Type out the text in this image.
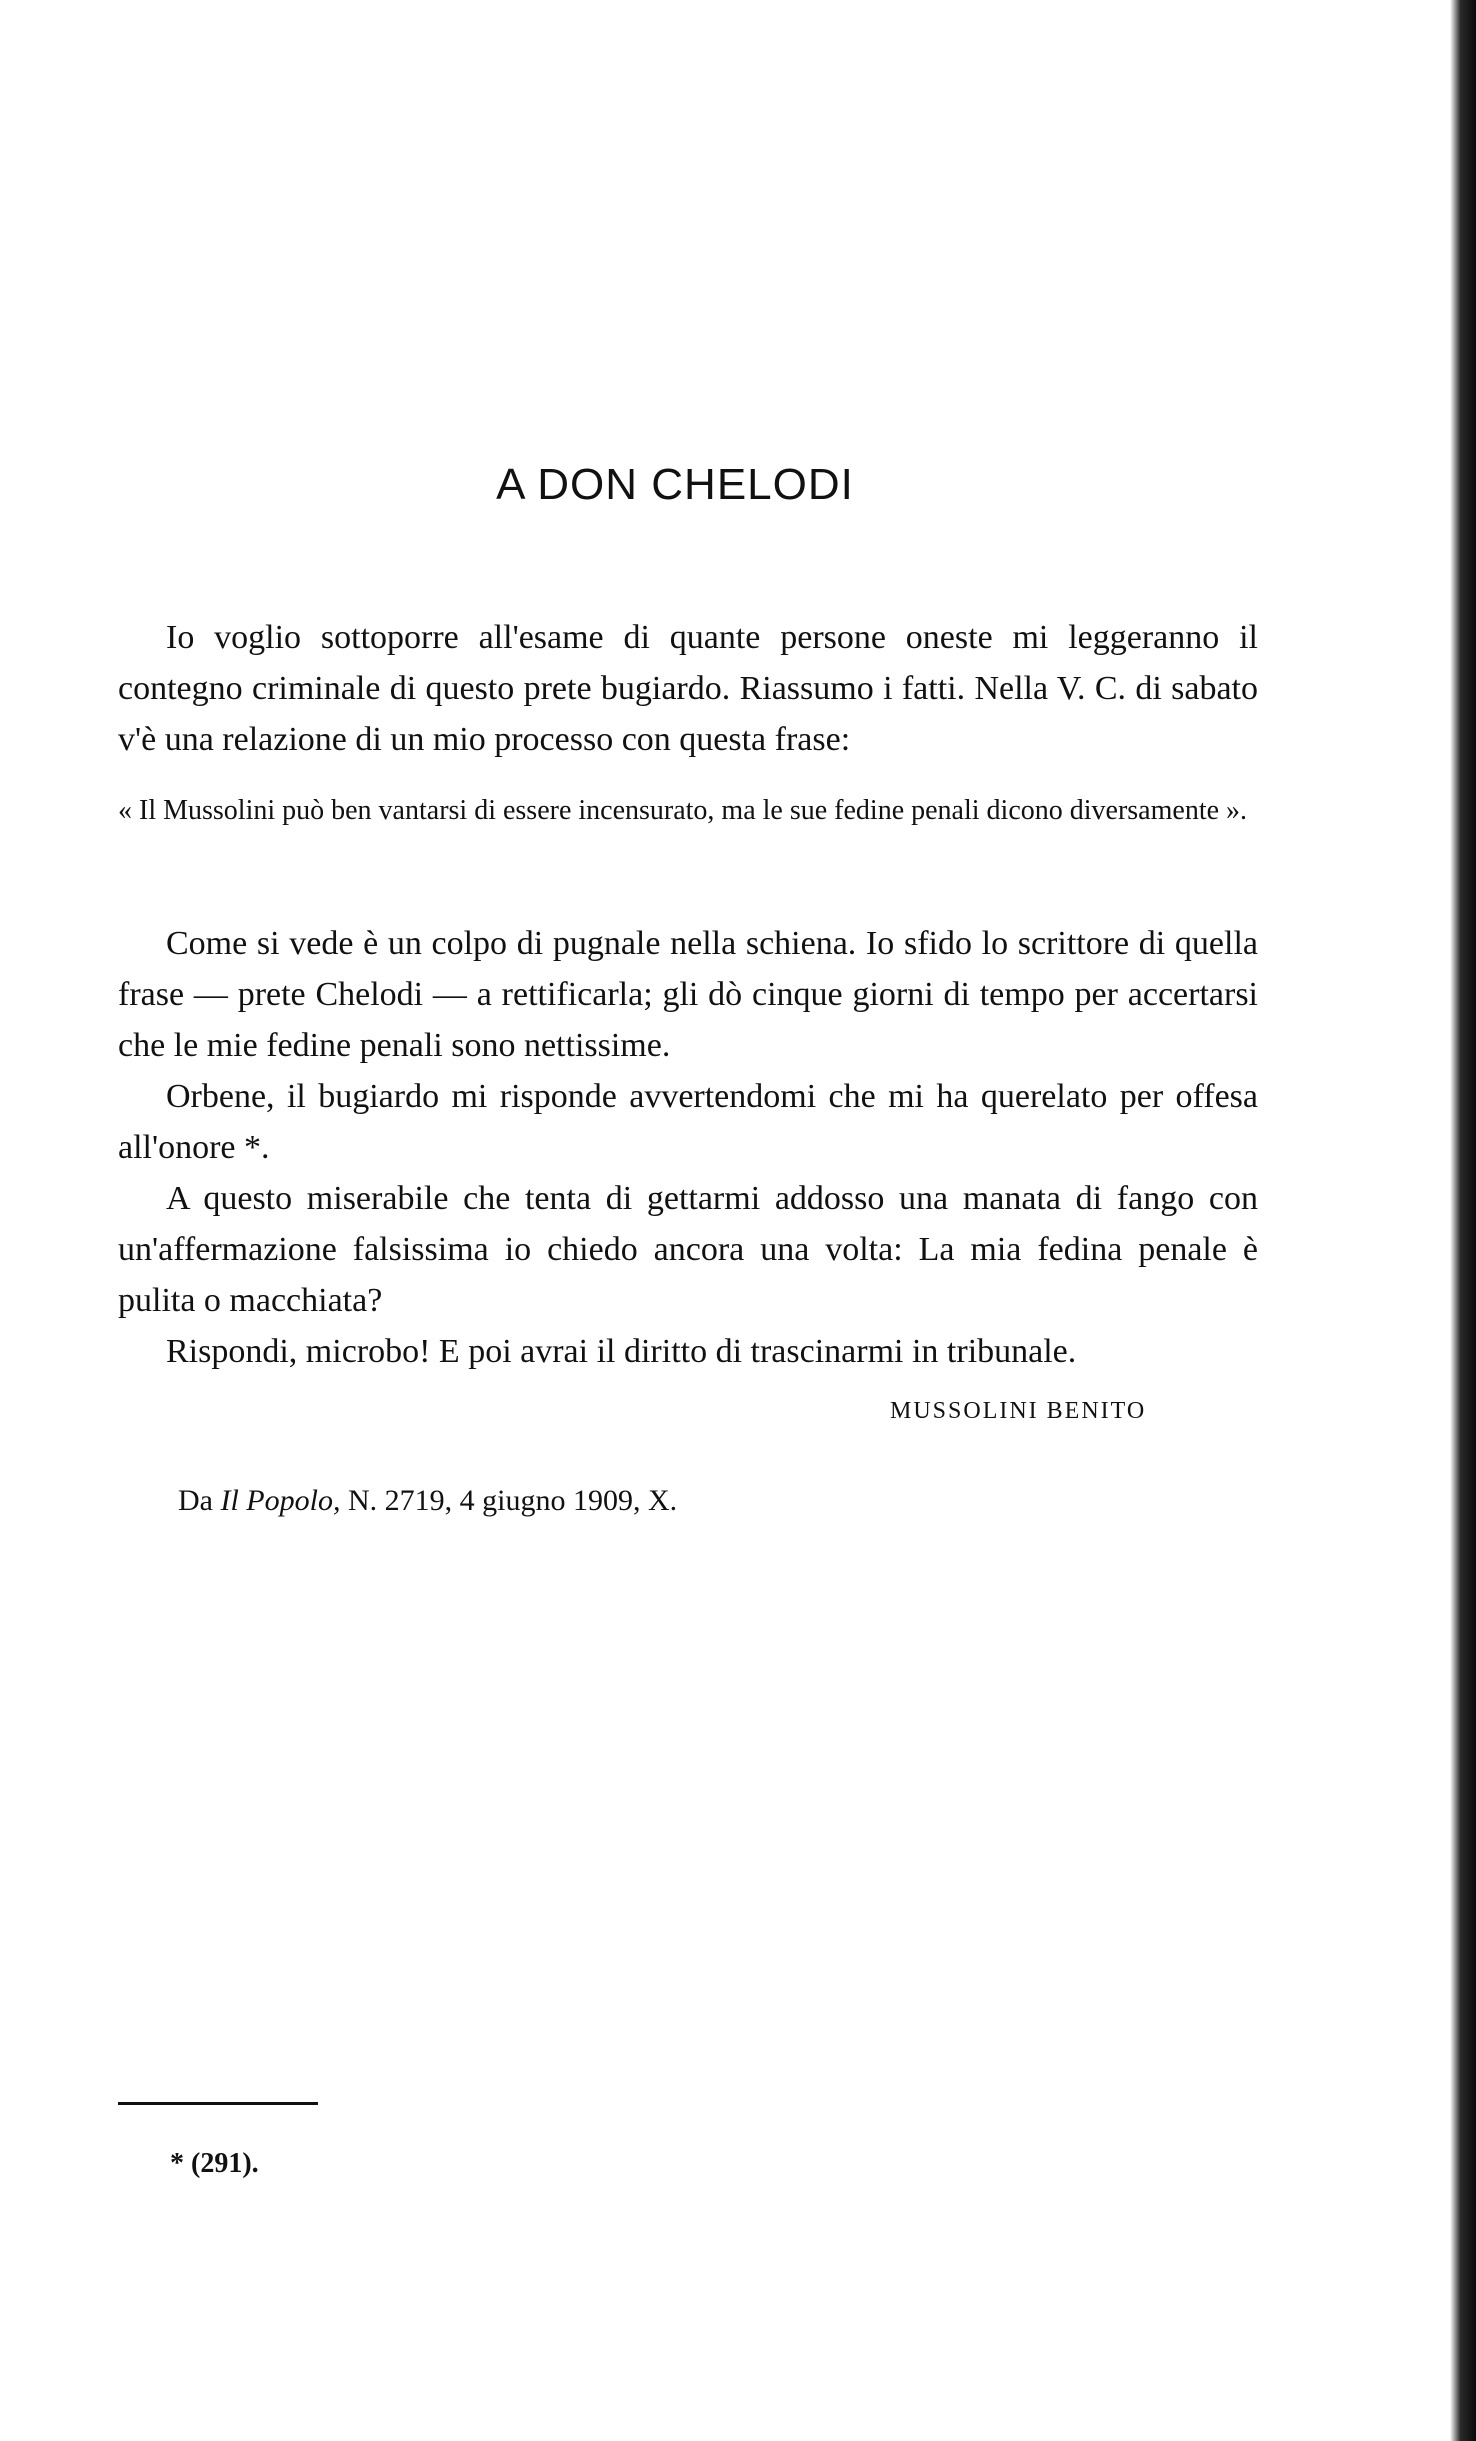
A DON CHELODI

Io voglio sottoporre all'esame di quante persone oneste mi leggeranno il contegno criminale di questo prete bugiardo. Riassumo i fatti. Nella V. C. di sabato v'è una relazione di un mio processo con questa frase:

« Il Mussolini può ben vantarsi di essere incensurato, ma le sue fedine penali dicono diversamente ».

Come si vede è un colpo di pugnale nella schiena. Io sfido lo scrittore di quella frase — prete Chelodi — a rettificarla; gli dò cinque giorni di tempo per accertarsi che le mie fedine penali sono nettissime.
Orbene, il bugiardo mi risponde avvertendomi che mi ha querelato per offesa all'onore *.
A questo miserabile che tenta di gettarmi addosso una manata di fango con un'affermazione falsissima io chiedo ancora una volta: La mia fedina penale è pulita o macchiata?
Rispondi, microbo! E poi avrai il diritto di trascinarmi in tribunale.

MUSSOLINI BENITO

Da Il Popolo, N. 2719, 4 giugno 1909, X.

* (291).
